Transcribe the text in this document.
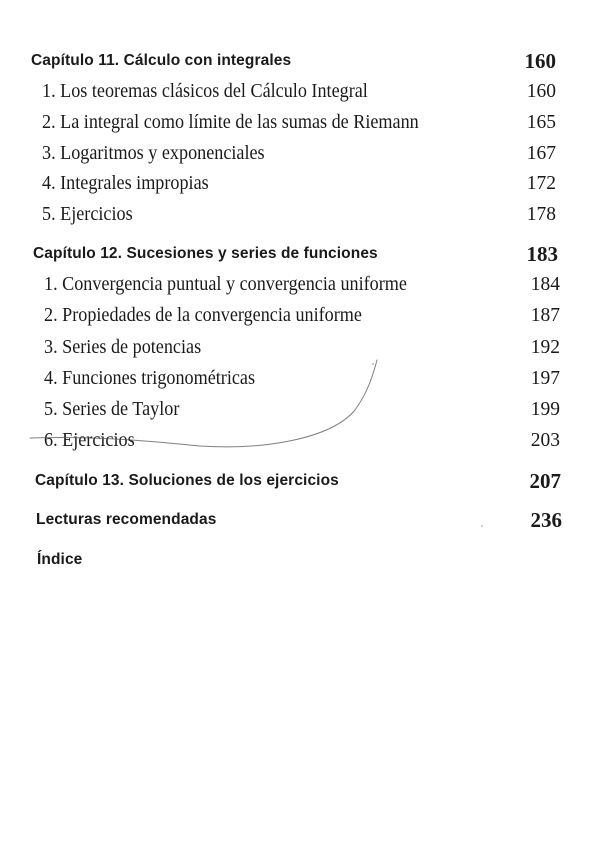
Capítulo 11. Cálculo con integrales	160
1. Los teoremas clásicos del Cálculo Integral	160
2. La integral como límite de las sumas de Riemann	165
3. Logaritmos y exponenciales	167
4. Integrales impropias	172
5. Ejercicios	178
Capítulo 12. Sucesiones y series de funciones	183
1. Convergencia puntual y convergencia uniforme	184
2. Propiedades de la convergencia uniforme	187
3. Series de potencias	192
4. Funciones trigonométricas	197
5. Series de Taylor	199
6. Ejercicios	203
Capítulo 13. Soluciones de los ejercicios	207
Lecturas recomendadas	236
Índice
